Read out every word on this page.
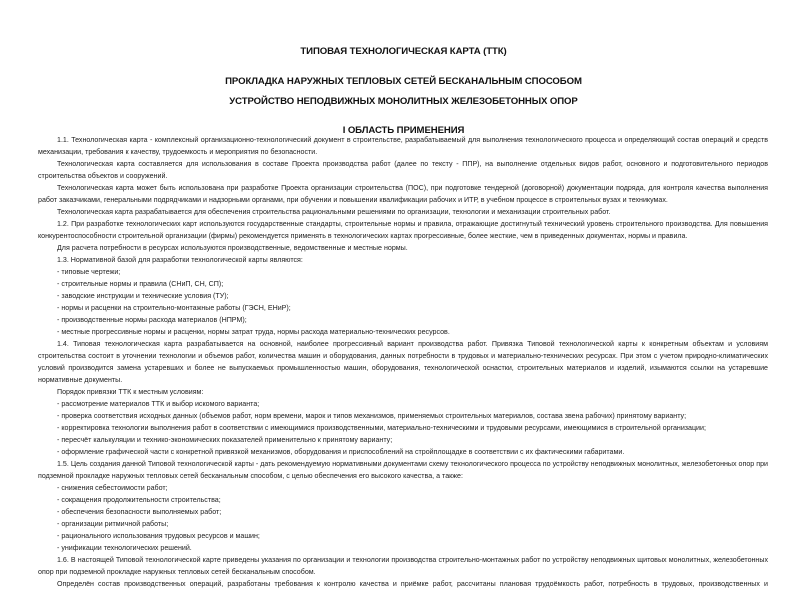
ТИПОВАЯ ТЕХНОЛОГИЧЕСКАЯ КАРТА (ТТК)
ПРОКЛАДКА НАРУЖНЫХ ТЕПЛОВЫХ СЕТЕЙ БЕСКАНАЛЬНЫМ СПОСОБОМ
УСТРОЙСТВО НЕПОДВИЖНЫХ МОНОЛИТНЫХ ЖЕЛЕЗОБЕТОННЫХ ОПОР
I ОБЛАСТЬ ПРИМЕНЕНИЯ

1.1. Технологическая карта - комплексный организационно-технологический документ в строительстве, разрабатываемый для выполнения технологического процесса и определяющий состав операций и средств механизации, требования к качеству, трудоемкость и мероприятия по безопасности.

Технологическая карта составляется для использования в составе Проекта производства работ (далее по тексту - ППР), на выполнение отдельных видов работ, основного и подготовительного периодов строительства объектов и сооружений.

Технологическая карта может быть использована при разработке Проекта организации строительства (ПОС), при подготовке тендерной (договорной) документации подряда, для контроля качества выполнения работ заказчиками, генеральными подрядчиками и надзорными органами, при обучении и повышении квалификации рабочих и ИТР, в учебном процессе в строительных вузах и техникумах.

Технологическая карта разрабатывается для обеспечения строительства рациональными решениями по организации, технологии и механизации строительных работ.

1.2. При разработке технологических карт используются государственные стандарты, строительные нормы и правила, отражающие достигнутый технический уровень строительного производства. Для повышения конкурентоспособности строительной организации (фирмы) рекомендуется применять в технологических картах прогрессивные, более жесткие, чем в приведенных документах, нормы и правила.

Для расчета потребности в ресурсах используются производственные, ведомственные и местные нормы.

1.3. Нормативной базой для разработки технологической карты являются:

- типовые чертежи;

- строительные нормы и правила (СНиП, СН, СП);

- заводские инструкции и технические условия (ТУ);

- нормы и расценки на строительно-монтажные работы (ГЭСН, ЕНиР);

- производственные нормы расхода материалов (НПРМ);

- местные прогрессивные нормы и расценки, нормы затрат труда, нормы расхода материально-технических ресурсов.

1.4. Типовая технологическая карта разрабатывается на основной, наиболее прогрессивный вариант производства работ. Привязка Типовой технологической карты к конкретным объектам и условиям строительства состоит в уточнении технологии и объемов работ, количества машин и оборудования, данных потребности в трудовых и материально-технических ресурсах. При этом с учетом природно-климатических условий производится замена устаревших и более не выпускаемых промышленностью машин, оборудования, технологической оснастки, строительных материалов и изделий, изымаются ссылки на устаревшие нормативные документы.

Порядок привязки ТТК к местным условиям:

- рассмотрение материалов ТТК и выбор искомого варианта;

- проверка соответствия исходных данных (объемов работ, норм времени, марок и типов механизмов, применяемых строительных материалов, состава звена рабочих) принятому варианту;

- корректировка технологии выполнения работ в соответствии с имеющимися производственными, материально-техническими и трудовыми ресурсами, имеющимися в строительной организации;

- пересчёт калькуляции и технико-экономических показателей применительно к принятому варианту;

- оформление графической части с конкретной привязкой механизмов, оборудования и приспособлений на стройплощадке в соответствии с их фактическими габаритами.

1.5. Цель создания данной Типовой технологической карты - дать рекомендуемую нормативными документами схему технологического процесса по устройству неподвижных монолитных, железобетонных опор при подземной прокладке наружных тепловых сетей бесканальным способом, с целью обеспечения его высокого качества, а также:

- снижения себестоимости работ;

- сокращения продолжительности строительства;

- обеспечения безопасности выполняемых работ;

- организации ритмичной работы;

- рационального использования трудовых ресурсов и машин;

- унификации технологических решений.

1.6. В настоящей Типовой технологической карте приведены указания по организации и технологии производства строительно-монтажных работ по устройству неподвижных щитовых монолитных, железобетонных опор при подземной прокладке наружных тепловых сетей бесканальным способом.

Определён состав производственных операций, разработаны требования к контролю качества и приёмке работ, рассчитаны плановая трудоёмкость работ, потребность в трудовых, производственных и
